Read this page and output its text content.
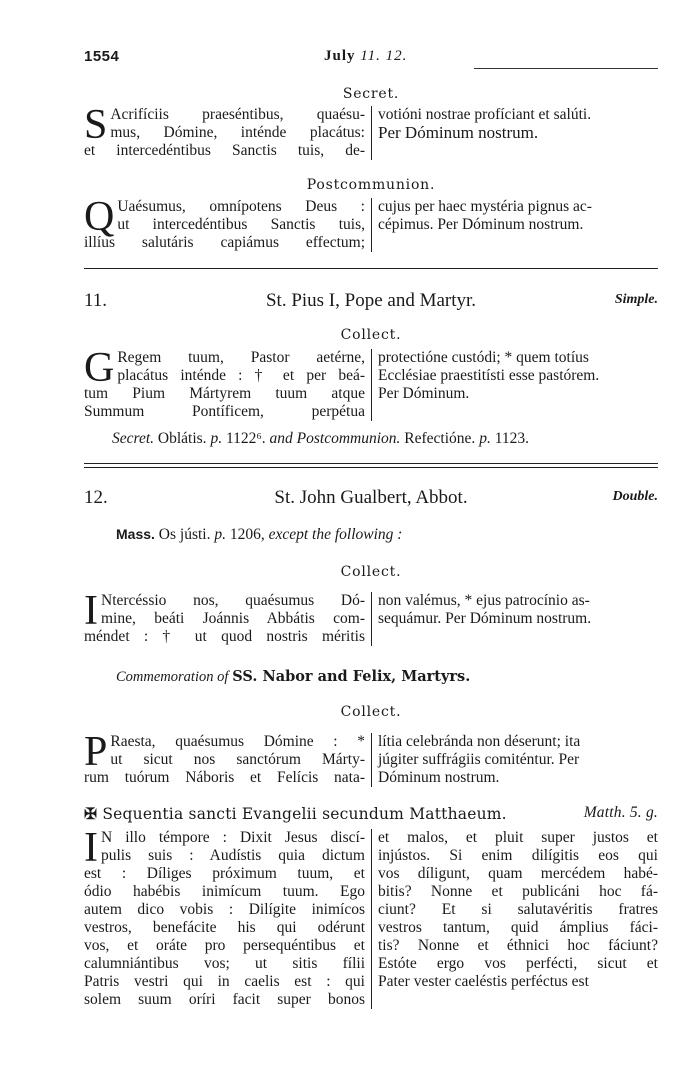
1554	July 11. 12.
Secret.
S Acrifíciis praeséntibus, quaésu-
mus, Dómine, inténde placátus:
et intercedéntibus Sanctis tuis, de-
votióni nostrae profíciant et salúti.
Per Dóminum nostrum.
Postcommunion.
Q Uaésumus, omnípotens Deus :
ut intercedéntibus Sanctis tuis,
illíus salutáris capiámus effectum;
cujus per haec mystéria pignus ac-
cépimus. Per Dóminum nostrum.
11.	St. Pius I, Pope and Martyr.	Simple.
Collect.
G Regem tuum, Pastor aetérne,
placátus inténde : † et per beá-
tum Pium Mártyrem tuum atque
Summum Pontíficem, perpétua
protectióne custódi; * quem totíus
Ecclésiae praestitísti esse pastórem.
Per Dóminum.
Secret. Oblátis. p. 1122⁶. and Postcommunion. Refectióne. p. 1123.
12.	St. John Gualbert, Abbot.	Double.
Mass. Os jústi. p. 1206, except the following :
Collect.
I Ntercéssio nos, quaésumus Dó-
mine, beáti Joánnis Abbátis com-
méndet : † ut quod nostris méritis
non valémus, * ejus patrocínio as-
sequámur. Per Dóminum nostrum.
Commemoration of SS. Nabor and Felix, Martyrs.
Collect.
P Raesta, quaésumus Dómine : *
ut sicut nos sanctórum Márty-
rum tuórum Náboris et Felícis nata-
lítia celebránda non déserunt; ita
júgiter suffrágiis comiténtur. Per
Dóminum nostrum.
✠ Sequentia sancti Evangelii secundum Matthaeum.	Matth. 5. g.
I N illo témpore : Dixit Jesus discí-
pulis suis : Audístis quia dictum
est : Díliges próximum tuum, et
ódio habébis inimícum tuum. Ego
autem dico vobis : Dilígite inimícos
vestros, benefácite his qui odérunt
vos, et oráte pro persequéntibus et
calumniántibus vos; ut sitis fílii
Patris vestri qui in caelis est : qui
solem suum oríri facit super bonos
et malos, et pluit super justos et
injústos. Si enim dilígitis eos qui
vos díligunt, quam mercédem habé-
bitis? Nonne et publicáni hoc fá-
ciunt? Et si salutavéritis fratres
vestros tantum, quid ámplius fáci-
tis? Nonne et éthnici hoc fáciunt?
Estóte ergo vos perfécti, sicut et
Pater vester caeléstis perféctus est
